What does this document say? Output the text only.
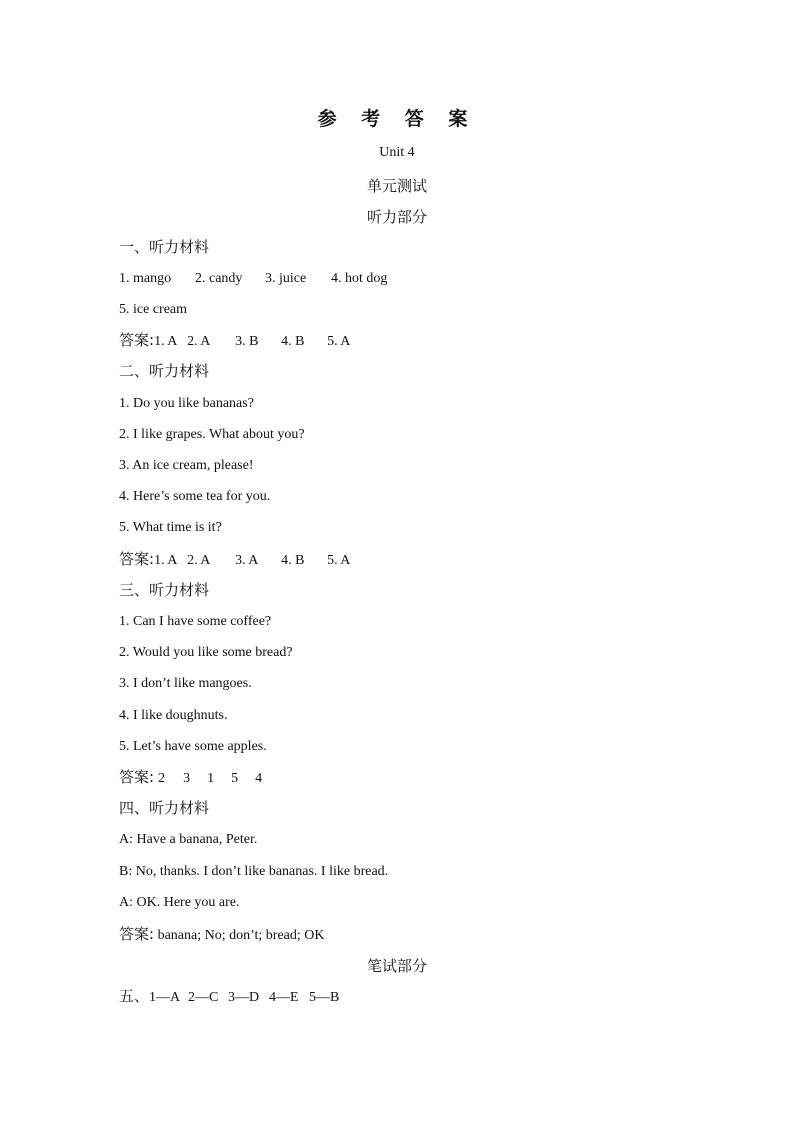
参 考 答 案
Unit 4
单元测试
听力部分
一、听力材料
1. mango 2. candy 3. juice 4. hot dog
5. ice cream
答案:1. A 2. A 3. B 4. B 5. A
二、听力材料
1. Do you like bananas?
2. I like grapes. What about you?
3. An ice cream, please!
4. Here’s some tea for you.
5. What time is it?
答案:1. A 2. A 3. A 4. B 5. A
三、听力材料
1. Can I have some coffee?
2. Would you like some bread?
3. I don’t like mangoes.
4. I like doughnuts.
5. Let’s have some apples.
答案: 2 3 1 5 4
四、听力材料
A: Have a banana, Peter.
B: No, thanks. I don’t like bananas. I like bread.
A: OK. Here you are.
答案: banana; No; don’t; bread; OK
笔试部分
五、1—A 2—C 3—D 4—E 5—B
